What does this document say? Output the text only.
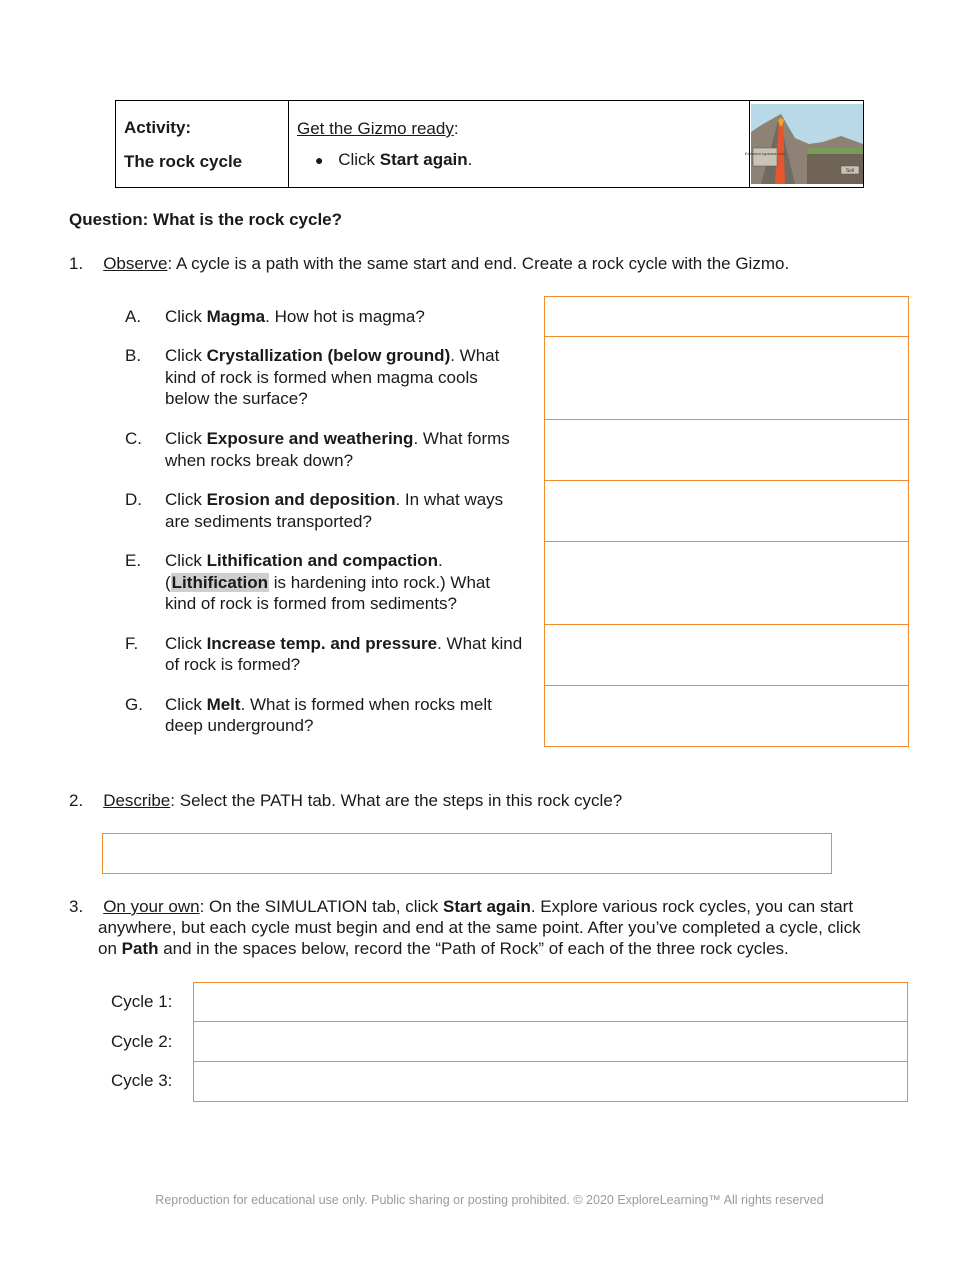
Activity:
The rock cycle
Get the Gizmo ready:
● Click Start again.	Extrusive igneous rock
Soil
Question: What is the rock cycle?
1. Observe: A cycle is a path with the same start and end. Create a rock cycle with the Gizmo.
A. Click Magma. How hot is magma?
B. Click Crystallization (below ground). What
kind of rock is formed when magma cools
below the surface?
C. Click Exposure and weathering. What forms
when rocks break down?
D. Click Erosion and deposition. In what ways
are sediments transported?
E. Click Lithification and compaction.
(Lithification is hardening into rock.) What
kind of rock is formed from sediments?
F. Click Increase temp. and pressure. What kind
of rock is formed?
G. Click Melt. What is formed when rocks melt
deep underground?
2. Describe: Select the PATH tab. What are the steps in this rock cycle?
3. On your own: On the SIMULATION tab, click Start again. Explore various rock cycles, you can start
anywhere, but each cycle must begin and end at the same point. After you’ve completed a cycle, click
on Path and in the spaces below, record the “Path of Rock” of each of the three rock cycles.
Cycle 1:
Cycle 2:
Cycle 3:
Reproduction for educational use only. Public sharing or posting prohibited. © 2020 ExploreLearning™ All rights reserved
